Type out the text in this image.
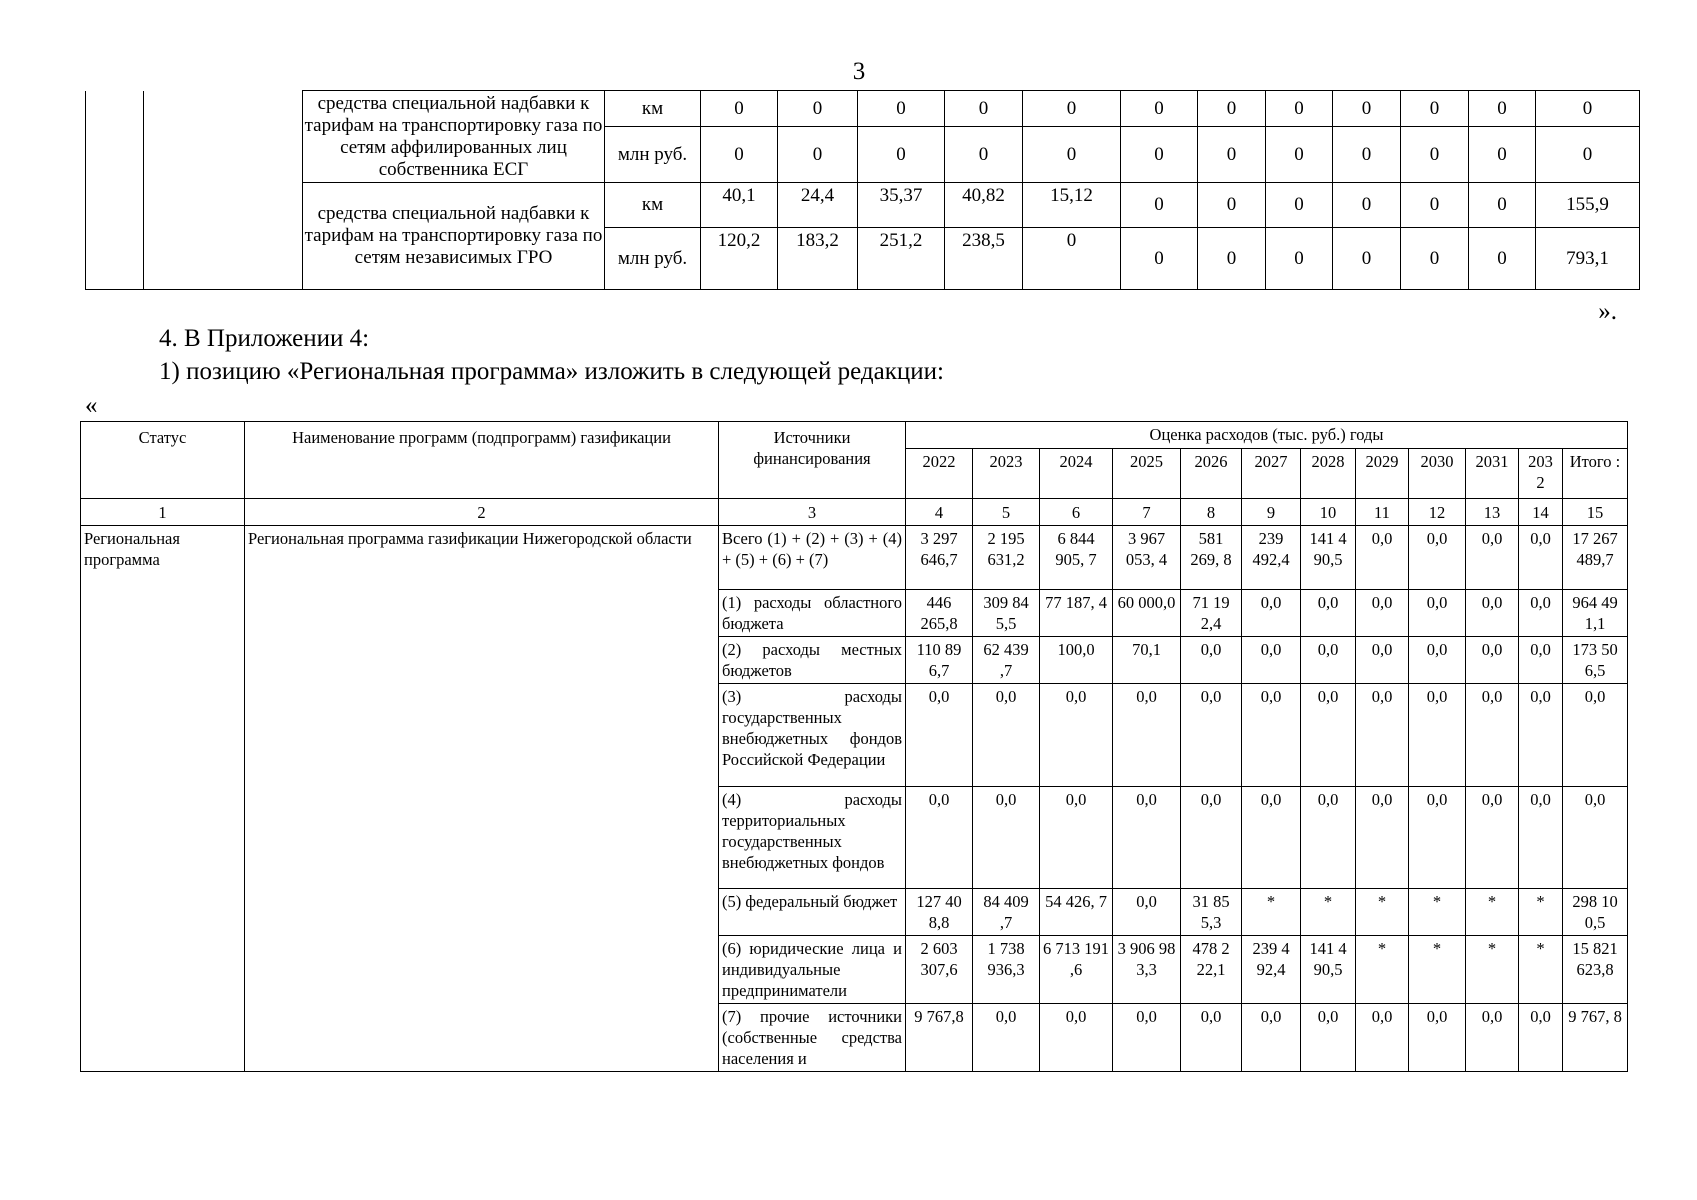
3
		средства специальной надбавки к тарифам на транспортировку газа по сетям аффилированных лиц собственника ЕСГ	км	0	0	0	0	0	0	0	0	0	0	0	0
			млн руб.	0	0	0	0	0	0	0	0	0	0	0	0
		средства специальной надбавки к тарифам на транспортировку газа по сетям независимых ГРО	км	40,1	24,4	35,37	40,82	15,12	0	0	0	0	0	0	155,9
			млн руб.	120,2	183,2	251,2	238,5	0	0	0	0	0	0	0	793,1
».
4. В Приложении 4:
1) позицию «Региональная программа» изложить в следующей редакции:
«
Статус	Наименование программ (подпрограмм) газификации	Источники финансирования	Оценка расходов (тыс. руб.) годы											
			2022	2023	2024	2025	2026	2027	2028	2029	2030	2031	203 2	Итого :
1	2	3	4	5	6	7	8	9	10	11	12	13	14	15
Региональная программа	Региональная программа газификации Нижегородской области	Всего (1) + (2) + (3) + (4) + (5) + (6) + (7)	3 297 646,7	2 195 631,2	6 844 905, 7	3 967 053, 4	581 269, 8	239 492,4	141 4 90,5	0,0	0,0	0,0	0,0	17 267 489,7
		(1) расходы областного бюджета	446 265,8	309 84 5,5	77 187, 4	60 000,0	71 19 2,4	0,0	0,0	0,0	0,0	0,0	0,0	964 49 1,1
		(2) расходы местных бюджетов	110 89 6,7	62 439 ,7	100,0	70,1	0,0	0,0	0,0	0,0	0,0	0,0	0,0	173 50 6,5
		(3) расходы государственных внебюджетных фондов Российской Федерации	0,0	0,0	0,0	0,0	0,0	0,0	0,0	0,0	0,0	0,0	0,0	0,0
		(4) расходы территориальных государственных внебюджетных фондов	0,0	0,0	0,0	0,0	0,0	0,0	0,0	0,0	0,0	0,0	0,0	0,0
		(5) федеральный бюджет	127 40 8,8	84 409 ,7	54 426, 7	0,0	31 85 5,3	*	*	*	*	*	*	298 10 0,5
		(6) юридические лица и индивидуальные предприниматели	2 603 307,6	1 738 936,3	6 713 191 ,6	3 906 98 3,3	478 2 22,1	239 4 92,4	141 4 90,5	*	*	*	*	15 821 623,8
		(7) прочие источники (собственные средства населения и	9 767,8	0,0	0,0	0,0	0,0	0,0	0,0	0,0	0,0	0,0	0,0	9 767, 8
